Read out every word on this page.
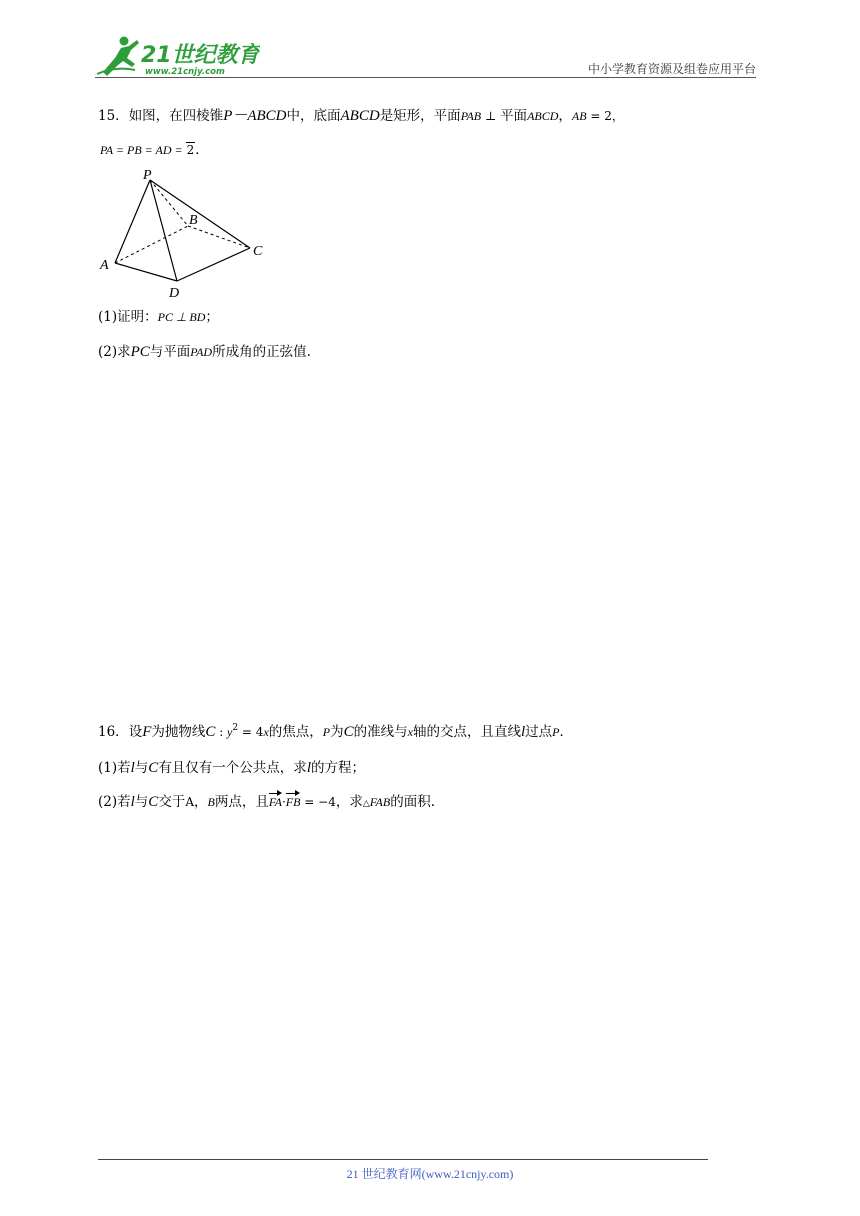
21世纪教育
www.21cnjy.com	中小学教育资源及组卷应用平台
15．如图，在四棱锥P－ABCD中，底面ABCD是矩形，平面PAB ⊥ 平面ABCD，AB = 2，
PA = PB = AD = 2．
P
B
C
A
D
(1)证明：PC ⊥ BD；
(2)求PC与平面PAD所成角的正弦值.
16．设F为抛物线C : $y^2 = 4x$的焦点，P为C的准线与x轴的交点，且直线l过点P．
(1)若l与C有且仅有一个公共点，求l的方程；
(2)若l与C交于A，B两点，且FA·FB = −4，求△FAB的面积.
21 世纪教育网(www.21cnjy.com)
